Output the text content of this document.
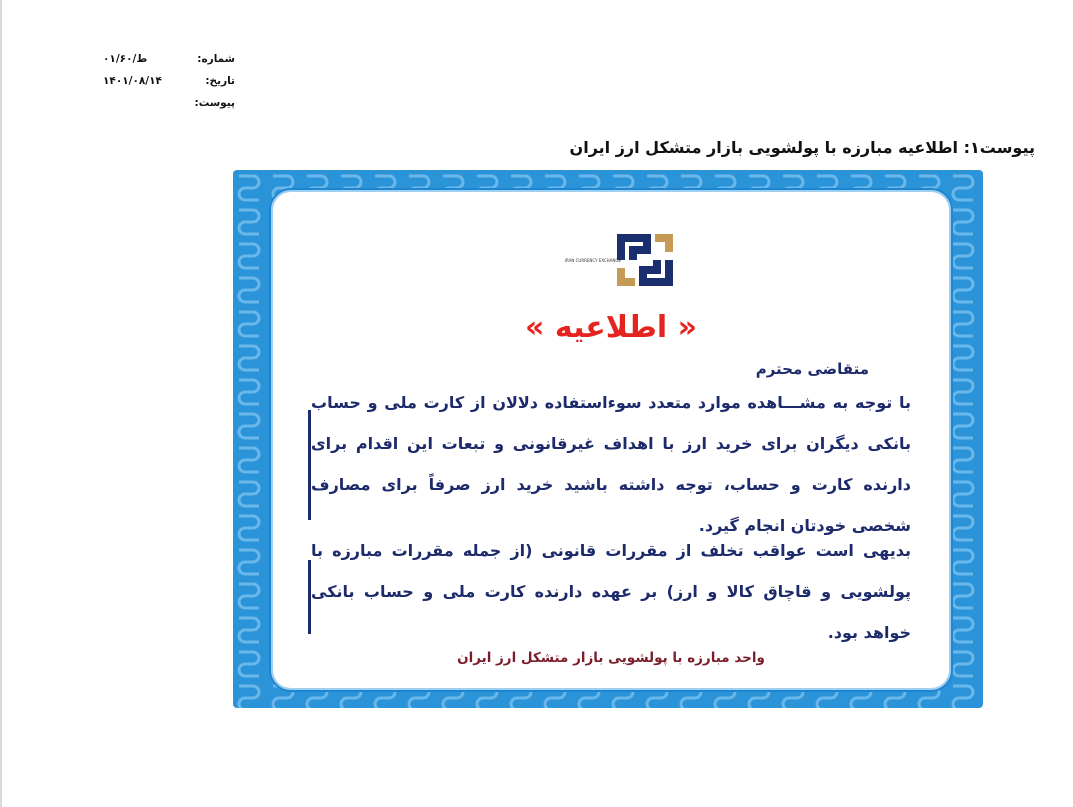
شماره:
تاریخ:
پیوست:
۰۱/ط/۶۰
۱۴۰۱/۰۸/۱۴
پیوست۱: اطلاعیه مبارزه با پولشویی بازار متشکل ارز ایران
IRAN CURRENCY EXCHANGE
« اطلاعیه »
متقاضی محترم
با توجه به مشـــاهده موارد متعدد سوءاستفاده دلالان از کارت ملی و حساب بانکی دیگران برای خرید ارز با اهداف غیرقانونی و تبعات این اقدام برای دارنده کارت و حساب، توجه داشته باشید خرید ارز صرفاً برای مصارف شخصی خودتان انجام گیرد.
بدیهی است عواقب تخلف از مقررات قانونی (از جمله مقررات مبارزه با پولشویی و قاچاق کالا و ارز) بر عهده دارنده کارت ملی و حساب بانکی خواهد بود.
واحد مبارزه با پولشویی بازار متشکل ارز ایران
